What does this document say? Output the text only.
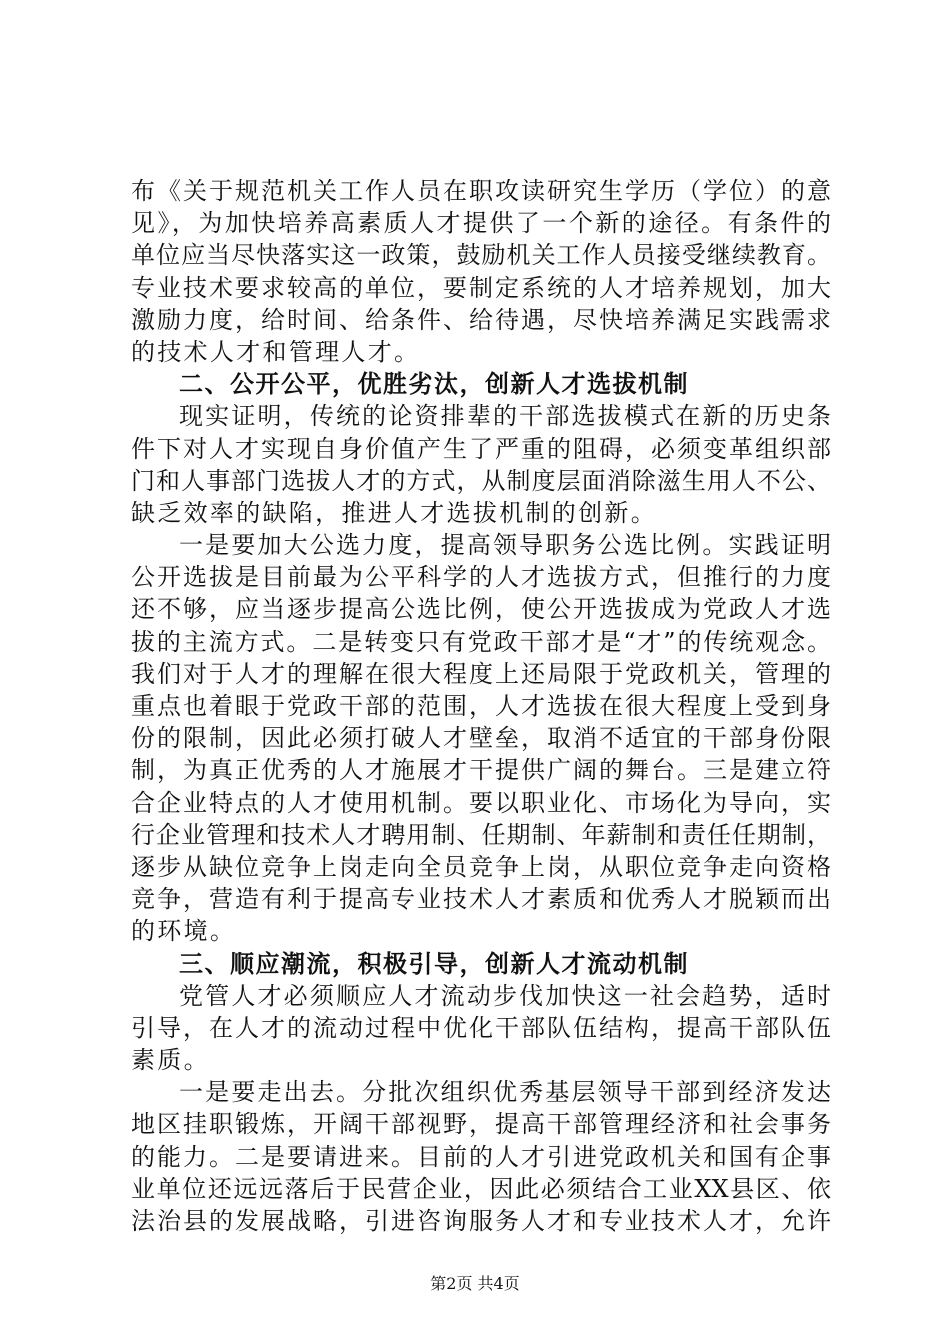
布《关于规范机关工作人员在职攻读研究生学历（学位）的意
见》，为加快培养高素质人才提供了一个新的途径。有条件的
单位应当尽快落实这一政策，鼓励机关工作人员接受继续教育。
专业技术要求较高的单位，要制定系统的人才培养规划，加大
激励力度，给时间、给条件、给待遇，尽快培养满足实践需求
的技术人才和管理人才。
二、公开公平，优胜劣汰，创新人才选拔机制
现实证明，传统的论资排辈的干部选拔模式在新的历史条
件下对人才实现自身价值产生了严重的阻碍，必须变革组织部
门和人事部门选拔人才的方式，从制度层面消除滋生用人不公、
缺乏效率的缺陷，推进人才选拔机制的创新。
一是要加大公选力度，提高领导职务公选比例。实践证明
公开选拔是目前最为公平科学的人才选拔方式，但推行的力度
还不够，应当逐步提高公选比例，使公开选拔成为党政人才选
拔的主流方式。二是转变只有党政干部才是“才”的传统观念。
我们对于人才的理解在很大程度上还局限于党政机关，管理的
重点也着眼于党政干部的范围，人才选拔在很大程度上受到身
份的限制，因此必须打破人才壁垒，取消不适宜的干部身份限
制，为真正优秀的人才施展才干提供广阔的舞台。三是建立符
合企业特点的人才使用机制。要以职业化、市场化为导向，实
行企业管理和技术人才聘用制、任期制、年薪制和责任任期制，
逐步从缺位竞争上岗走向全员竞争上岗，从职位竞争走向资格
竞争，营造有利于提高专业技术人才素质和优秀人才脱颖而出
的环境。
三、顺应潮流，积极引导，创新人才流动机制
党管人才必须顺应人才流动步伐加快这一社会趋势，适时
引导，在人才的流动过程中优化干部队伍结构，提高干部队伍
素质。
一是要走出去。分批次组织优秀基层领导干部到经济发达
地区挂职锻炼，开阔干部视野，提高干部管理经济和社会事务
的能力。二是要请进来。目前的人才引进党政机关和国有企事
业单位还远远落后于民营企业，因此必须结合工业XX县区、依
法治县的发展战略，引进咨询服务人才和专业技术人才，允许
第2页 共4页
